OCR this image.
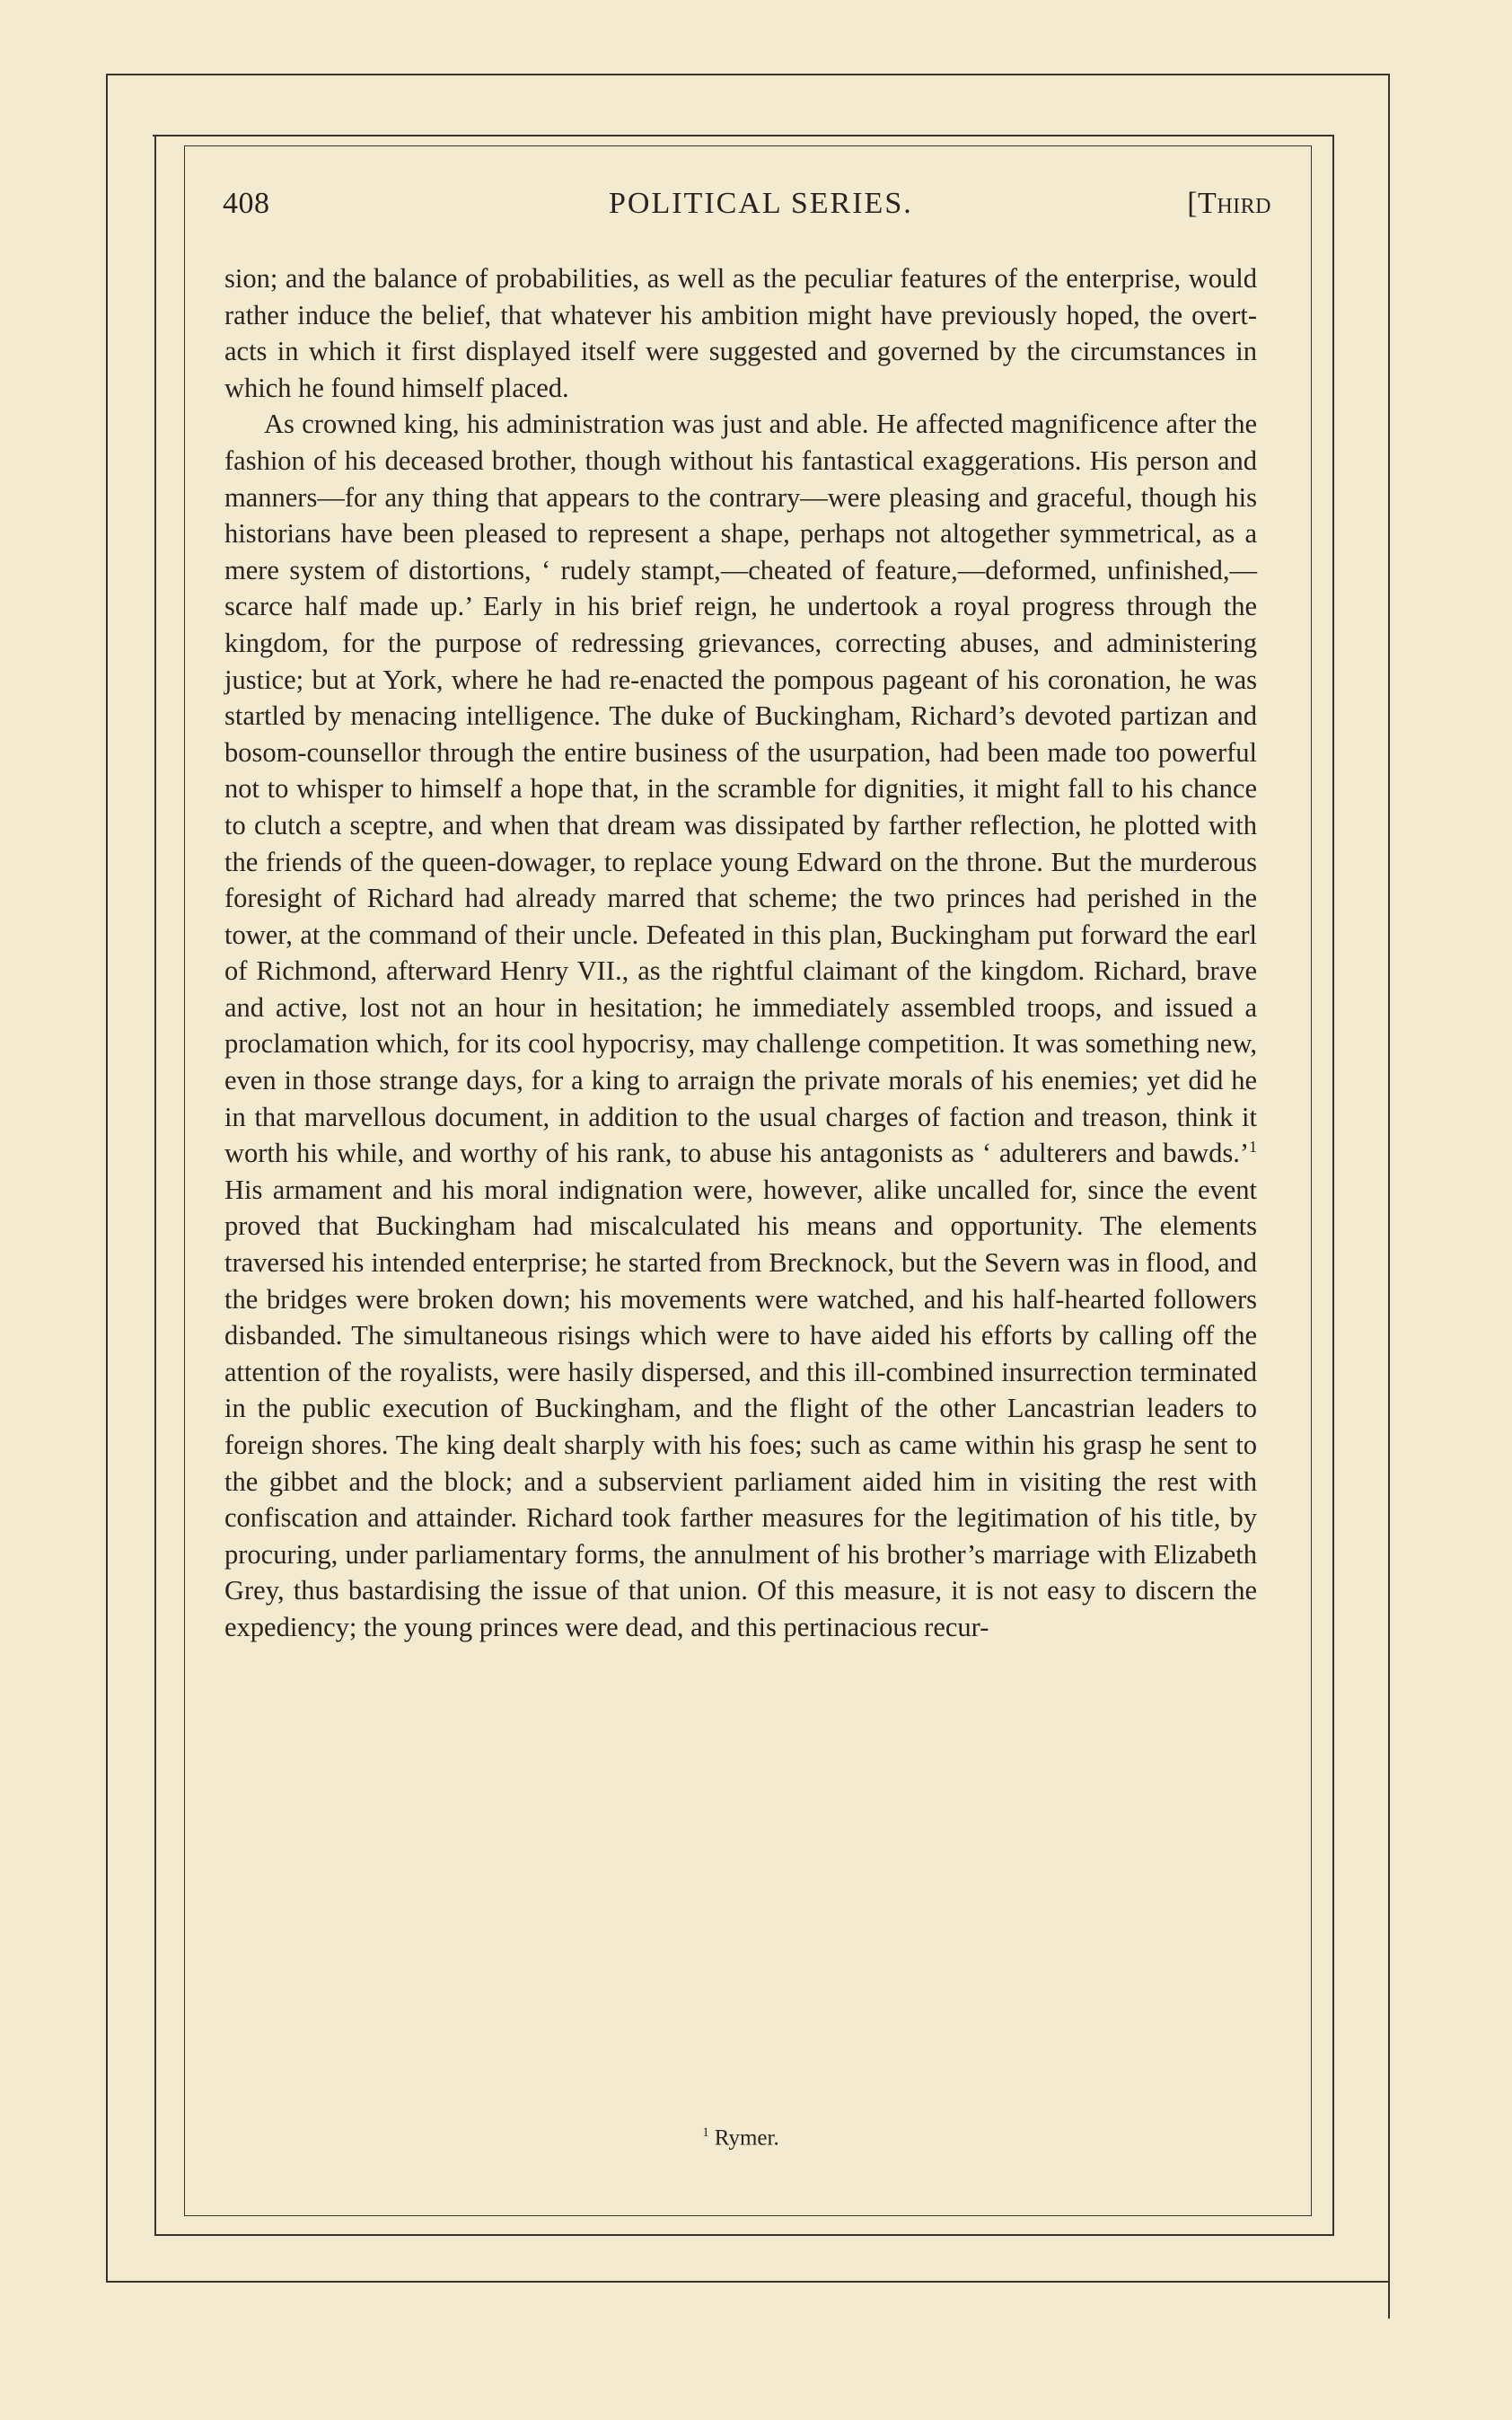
408	POLITICAL SERIES.	[Third

sion; and the balance of probabilities, as well as the peculiar features of the enterprise, would rather induce the belief, that whatever his ambition might have previously hoped, the overt-acts in which it first displayed itself were suggested and governed by the circumstances in which he found himself placed.

As crowned king, his administration was just and able. He affected magnificence after the fashion of his deceased brother, though without his fantastical exaggerations. His person and manners—for any thing that appears to the contrary—were pleasing and graceful, though his historians have been pleased to represent a shape, perhaps not altogether symmetrical, as a mere system of distortions, ‘ rudely stampt,—cheated of feature,—deformed, unfinished,—scarce half made up.’ Early in his brief reign, he undertook a royal progress through the kingdom, for the purpose of redressing grievances, correcting abuses, and administering justice; but at York, where he had re-enacted the pompous pageant of his coronation, he was startled by menacing intelligence. The duke of Buckingham, Richard’s devoted partizan and bosom-counsellor through the entire business of the usurpation, had been made too powerful not to whisper to himself a hope that, in the scramble for dignities, it might fall to his chance to clutch a sceptre, and when that dream was dissipated by farther reflection, he plotted with the friends of the queen-dowager, to replace young Edward on the throne. But the murderous foresight of Richard had already marred that scheme; the two princes had perished in the tower, at the command of their uncle. Defeated in this plan, Buckingham put forward the earl of Richmond, afterward Henry VII., as the rightful claimant of the kingdom. Richard, brave and active, lost not an hour in hesitation; he immediately assembled troops, and issued a proclamation which, for its cool hypocrisy, may challenge competition. It was something new, even in those strange days, for a king to arraign the private morals of his enemies; yet did he in that marvellous document, in addition to the usual charges of faction and treason, think it worth his while, and worthy of his rank, to abuse his antagonists as ‘ adulterers and bawds.’$^1$ His armament and his moral indignation were, however, alike uncalled for, since the event proved that Buckingham had miscalculated his means and opportunity. The elements traversed his intended enterprise; he started from Brecknock, but the Severn was in flood, and the bridges were broken down; his movements were watched, and his half-hearted followers disbanded. The simultaneous risings which were to have aided his efforts by calling off the attention of the royalists, were hasily dispersed, and this ill-combined insurrection terminated in the public execution of Buckingham, and the flight of the other Lancastrian leaders to foreign shores. The king dealt sharply with his foes; such as came within his grasp he sent to the gibbet and the block; and a subservient parliament aided him in visiting the rest with confiscation and attainder. Richard took farther measures for the legitimation of his title, by procuring, under parliamentary forms, the annulment of his brother’s marriage with Elizabeth Grey, thus bastardising the issue of that union. Of this measure, it is not easy to discern the expediency; the young princes were dead, and this pertinacious recur-

$^1$ Rymer.
